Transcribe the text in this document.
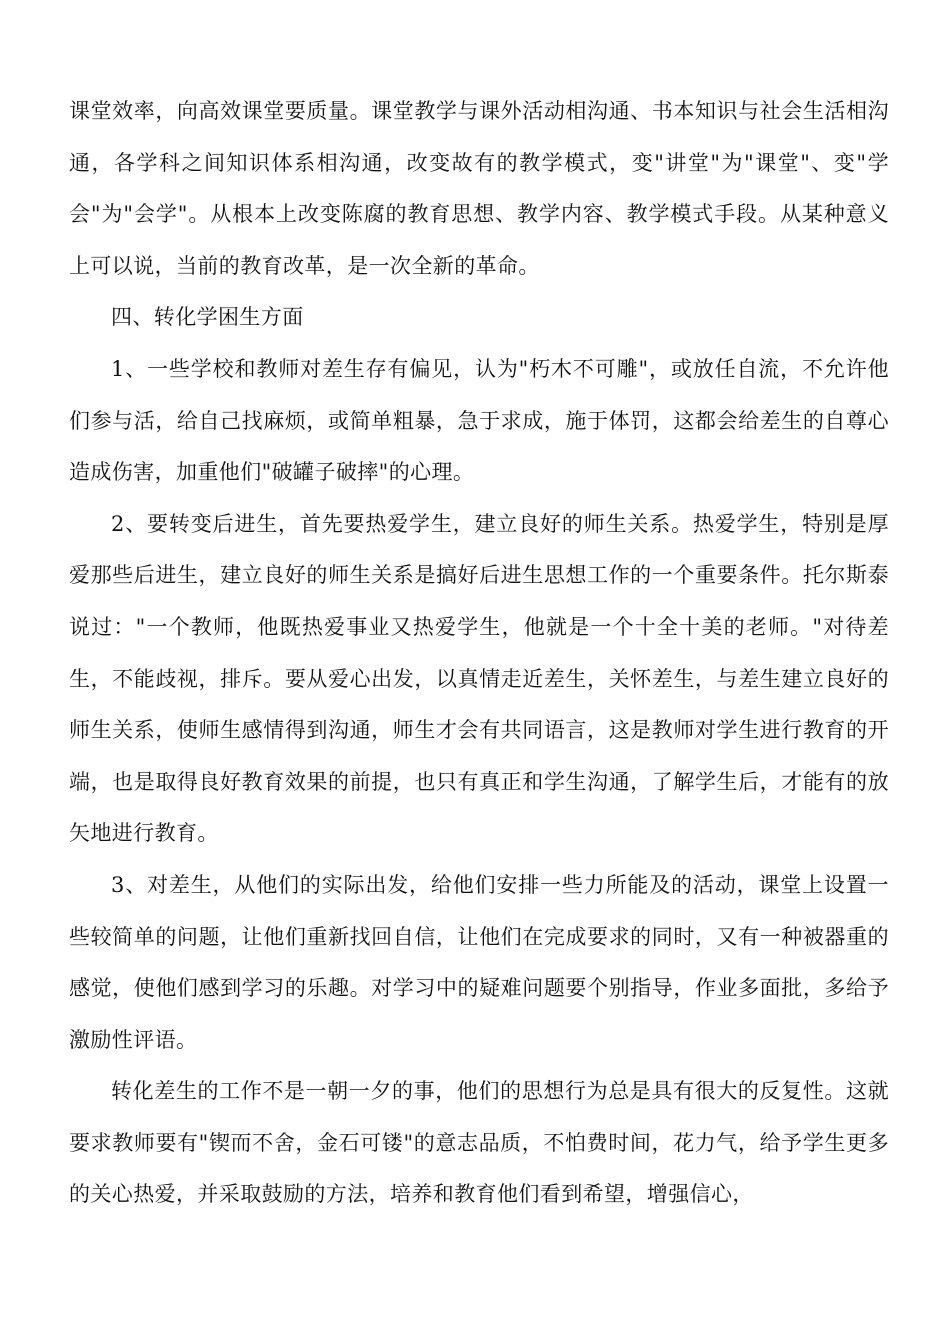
课堂效率，向高效课堂要质量。课堂教学与课外活动相沟通、书本知识与社会生活相沟通，各学科之间知识体系相沟通，改变故有的教学模式，变"讲堂"为"课堂"、变"学会"为"会学"。从根本上改变陈腐的教育思想、教学内容、教学模式手段。从某种意义上可以说，当前的教育改革，是一次全新的革命。

四、转化学困生方面

1、一些学校和教师对差生存有偏见，认为"朽木不可雕"，或放任自流，不允许他们参与活，给自己找麻烦，或简单粗暴，急于求成，施于体罚，这都会给差生的自尊心造成伤害，加重他们"破罐子破摔"的心理。

2、要转变后进生，首先要热爱学生，建立良好的师生关系。热爱学生，特别是厚爱那些后进生，建立良好的师生关系是搞好后进生思想工作的一个重要条件。托尔斯泰说过："一个教师，他既热爱事业又热爱学生，他就是一个十全十美的老师。"对待差生，不能歧视，排斥。要从爱心出发，以真情走近差生，关怀差生，与差生建立良好的师生关系，使师生感情得到沟通，师生才会有共同语言，这是教师对学生进行教育的开端，也是取得良好教育效果的前提，也只有真正和学生沟通，了解学生后，才能有的放矢地进行教育。

3、对差生，从他们的实际出发，给他们安排一些力所能及的活动，课堂上设置一些较简单的问题，让他们重新找回自信，让他们在完成要求的同时，又有一种被器重的感觉，使他们感到学习的乐趣。对学习中的疑难问题要个别指导，作业多面批，多给予激励性评语。

转化差生的工作不是一朝一夕的事，他们的思想行为总是具有很大的反复性。这就要求教师要有"锲而不舍，金石可镂"的意志品质，不怕费时间，花力气，给予学生更多的关心热爱，并采取鼓励的方法，培养和教育他们看到希望，增强信心，
